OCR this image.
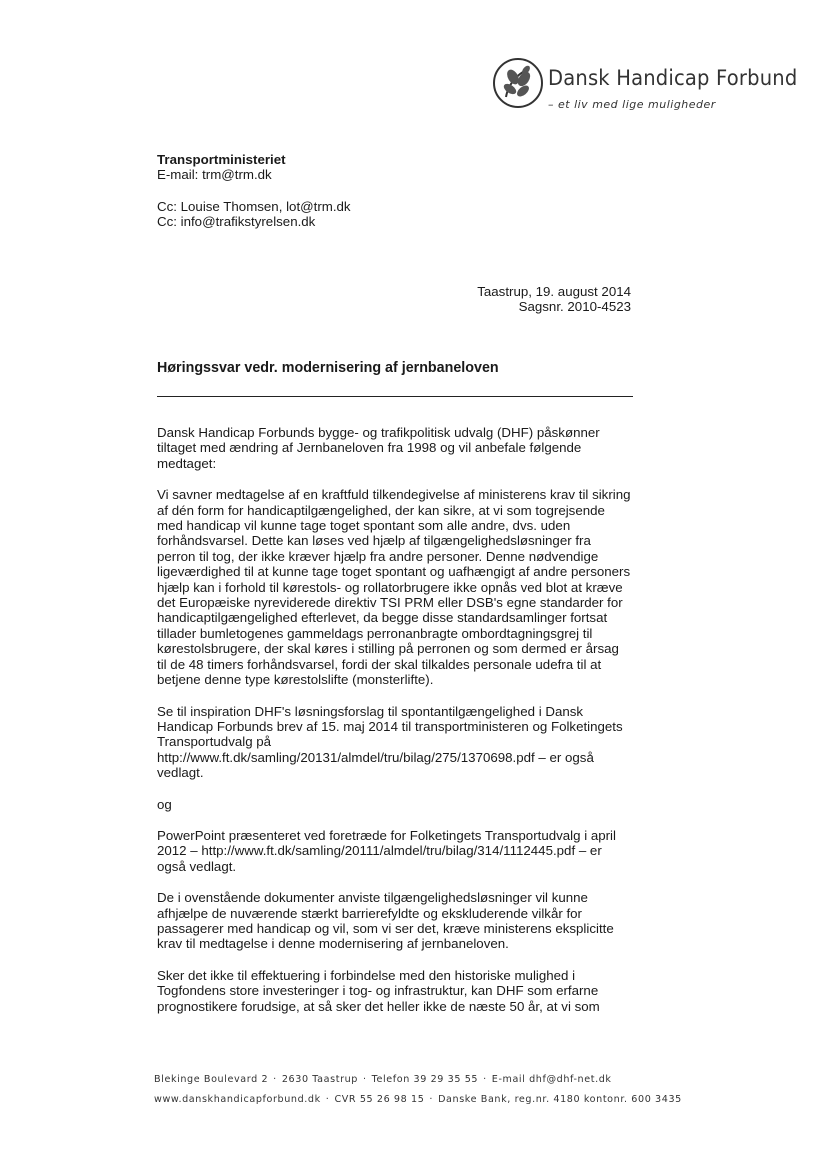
Dansk Handicap Forbund
– et liv med lige muligheder
Transportministeriet
E-mail: trm@trm.dk
Cc: Louise Thomsen, lot@trm.dk
Cc: info@trafikstyrelsen.dk
Taastrup, 19. august 2014
Sagsnr. 2010-4523
Høringssvar vedr. modernisering af jernbaneloven

Dansk Handicap Forbunds bygge- og trafikpolitisk udvalg (DHF) påskønner tiltaget med ændring af Jernbaneloven fra 1998 og vil anbefale følgende medtaget:

Vi savner medtagelse af en kraftfuld tilkendegivelse af ministerens krav til sikring af dén form for handicaptilgængelighed, der kan sikre, at vi som togrejsende med handicap vil kunne tage toget spontant som alle andre, dvs. uden forhåndsvarsel. Dette kan løses ved hjælp af tilgængelighedsløsninger fra perron til tog, der ikke kræver hjælp fra andre personer. Denne nødvendige ligeværdighed til at kunne tage toget spontant og uafhængigt af andre personers hjælp kan i forhold til kørestols- og rollatorbrugere ikke opnås ved blot at kræve det Europæiske nyreviderede direktiv TSI PRM eller DSB's egne standarder for handicaptilgængelighed efterlevet, da begge disse standardsamlinger fortsat tillader bumletogenes gammeldags perronanbragte ombordtagningsgrej til kørestolsbrugere, der skal køres i stilling på perronen og som dermed er årsag til de 48 timers forhåndsvarsel, fordi der skal tilkaldes personale udefra til at betjene denne type kørestolslifte (monsterlifte).

Se til inspiration DHF's løsningsforslag til spontantilgængelighed i Dansk Handicap Forbunds brev af 15. maj 2014 til transportministeren og Folketingets Transportudvalg på http://www.ft.dk/samling/20131/almdel/tru/bilag/275/1370698.pdf – er også vedlagt.

og

PowerPoint præsenteret ved foretræde for Folketingets Transportudvalg i april 2012 – http://www.ft.dk/samling/20111/almdel/tru/bilag/314/1112445.pdf – er også vedlagt.

De i ovenstående dokumenter anviste tilgængelighedsløsninger vil kunne afhjælpe de nuværende stærkt barrierefyldte og ekskluderende vilkår for passagerer med handicap og vil, som vi ser det, kræve ministerens eksplicitte krav til medtagelse i denne modernisering af jernbaneloven.

Sker det ikke til effektuering i forbindelse med den historiske mulighed i Togfondens store investeringer i tog- og infrastruktur, kan DHF som erfarne prognostikere forudsige, at så sker det heller ikke de næste 50 år, at vi som

Blekinge Boulevard 2 · 2630 Taastrup · Telefon 39 29 35 55 · E-mail dhf@dhf-net.dk
www.danskhandicapforbund.dk · CVR 55 26 98 15 · Danske Bank, reg.nr. 4180 kontonr. 600 3435
